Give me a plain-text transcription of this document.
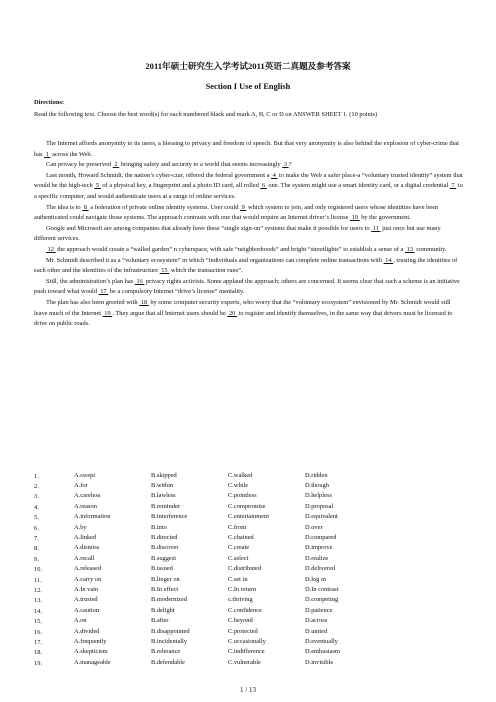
2011年硕士研究生入学考试2011英语二真题及参考答案
Section I Use of English
Directions:
Read the following text. Choose the best word(s) for each numbered black and mark A, B, C or D on ANSWER SHEET 1. (10 points)

The Internet affords anonymity to its users, a blessing to privacy and freedom of speech. But that very anonymity is also behind the explosion of cyber-crime that has  1  across the Web.

Can privacy be preserved  2  bringing safety and security to a world that seems increasingly  3 ?

Last month, Howard Schmidt, the nation’s cyber-czar, offered the federal government a  4  to make the Web a safer place-a “voluntary trusted identity” system that would be the high-tech  5  of a physical key, a fingerprint and a photo ID card, all rolled  6  one. The system might use a smart identity card, or a digital credential  7  to a specific computer, and would authenticate users at a range of online services.

The idea is to  8  a federation of private online identity systems. User could  9  which system to join, and only registered users whose identities have been authenticated could navigate those systems. The approach contrasts with one that would require an Internet driver’s license  10  by the government.

Google and Microsoft are among companies that already have these “single sign-on” systems that make it possible for users to  11  just once but use many different services.

12  the approach would create a “walled garden” n cyberspace, with safe “neighborhoods” and bright “streetlights” to establish a sense of a  13  community.

Mr. Schmidt described it as a “voluntary ecosystem” in which “individuals and organizations can complete online transactions with  14 , trusting the identities of each other and the identities of the infrastructure  15  which the transaction runs”.

Still, the administration’s plan has  16  privacy rights activists. Some applaud the approach; others are concerned. It seems clear that such a scheme is an initiative push toward what would  17  be a compulsory Internet “drive’s license” mentality.

The plan has also been greeted with  18  by some computer security experts, who worry that the “voluntary ecosystem” envisioned by Mr. Schmidt would still leave much of the Internet  19 . They argue that all Internet users should be  20  to register and identify themselves, in the same way that drivers must be licensed to drive on public roads.

1．	A.swept	B.skipped	C.walked	D.ridden
2．	A.for	B.within	C.while	D.though
3．	A.careless	B.lawless	C.pointless	D.helpless
4．	A.reason	B.reminder	C.compromise	D.proposal
5．	A.information	B.interference	C.entertainment	D.equivalent
6．	A.by	B.into	C.from	D.over
7．	A.linked	B.directed	C.chained	D.compared
8．	A.dismiss	B.discover	C.create	D.improve
9．	A.recall	B.suggest	C.select	D.realize
10．	A.released	B.issued	C.distributed	D.delivered
11．	A.carry on	B.linger on	C.set in	D.log in
12．	A.In vain	B.In effect	C.In return	D.In contrast
13．	A.trusted	B.modernized	c.thriving	D.competing
14．	A.caution	B.delight	C.confidence	D.patience
15．	A.on	B.after	C.beyond	D.across
16．	A.divided	B.disappointed	C.protected	D.united
17．	A.frequently	B.incidentally	C.occasionally	D.eventually
18．	A.skepticism	B.relerance	C.indifference	D.enthusiasm
19．	A.manageable	B.defendable	C.vulnerable	D.invisible
1 / 13
